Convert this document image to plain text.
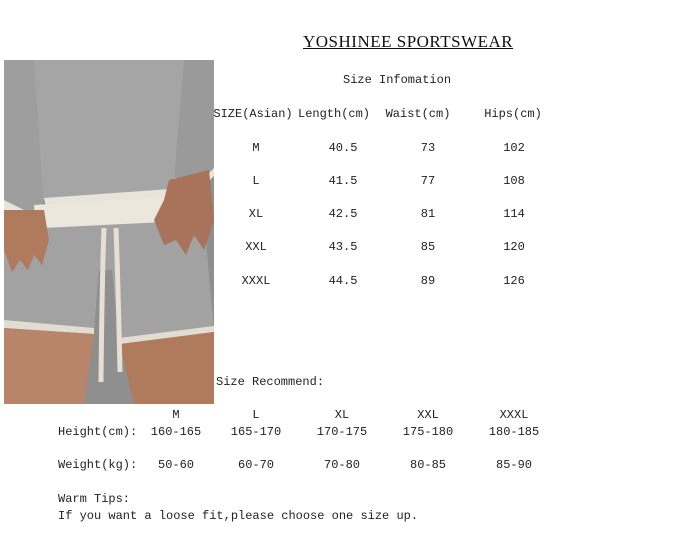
YOSHINEE SPORTSWEAR
Size Infomation
SIZE(Asian) Length(cm) Waist(cm)	Hips(cm)
M	40.5	73	102
L	41.5	77	108
XL	42.5	81	114
XXL	43.5	85	120
XXXL	44.5	89	126
Size Recommend:
M	L	XL	XXL	XXXL
Height(cm): 160-165 165-170	170-175	175-180	180-185
Weight(kg): 50-60	60-70	70-80	80-85	85-90
Warm Tips:
If you want a loose fit,please choose one size up.
